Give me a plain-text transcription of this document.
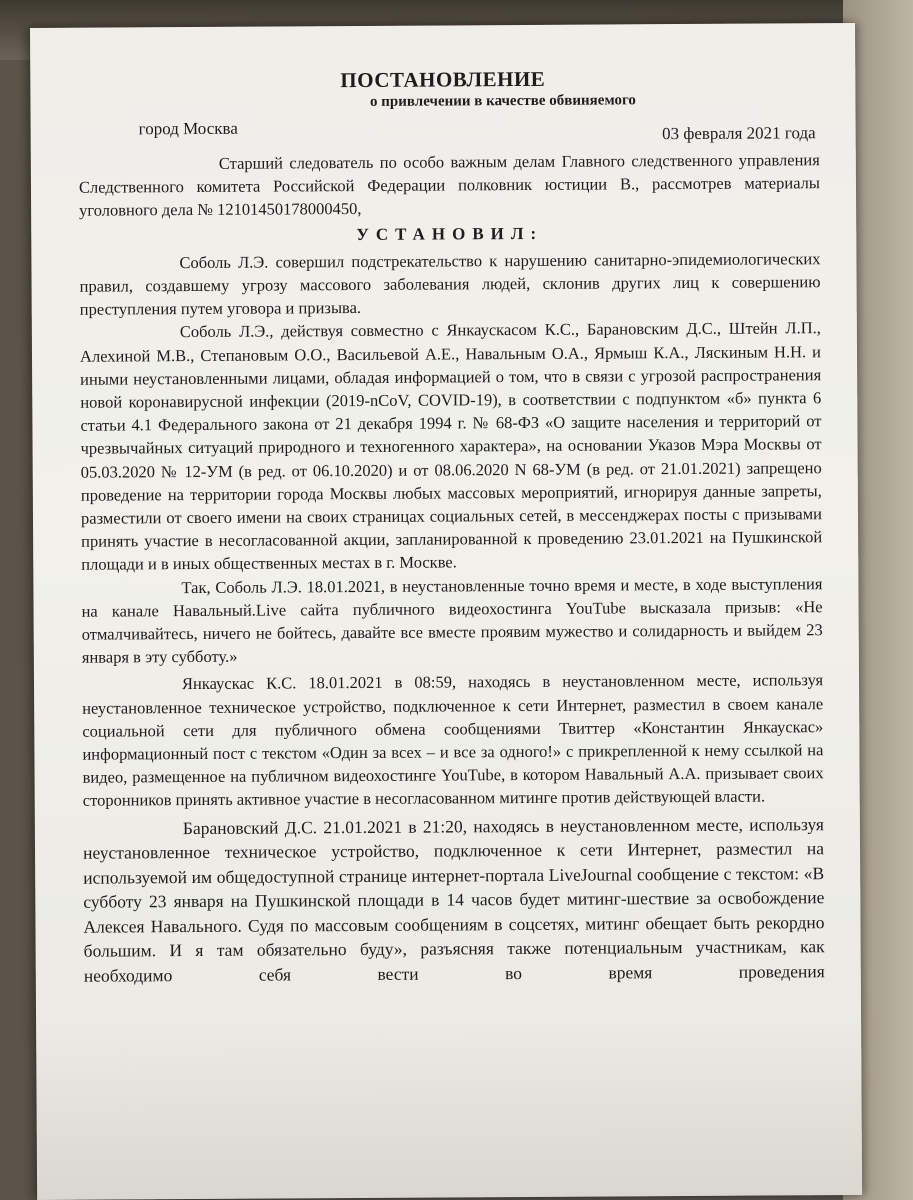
ПОСТАНОВЛЕНИЕ
о привлечении в качестве обвиняемого
город Москва	03 февраля 2021 года

Старший следователь по особо важным делам Главного следственного управления Следственного комитета Российской Федерации полковник юстиции В., рассмотрев материалы уголовного дела № 12101450178000450,

УСТАНОВИЛ:

Соболь Л.Э. совершил подстрекательство к нарушению санитарно-эпидемиологических правил, создавшему угрозу массового заболевания людей, склонив других лиц к совершению преступления путем уговора и призыва.

Соболь Л.Э., действуя совместно с Янкаускасом К.С., Барановским Д.С., Штейн Л.П., Алехиной М.В., Степановым О.О., Васильевой А.Е., Навальным О.А., Ярмыш К.А., Ляскиным Н.Н. и иными неустановленными лицами, обладая информацией о том, что в связи с угрозой распространения новой коронавирусной инфекции (2019-nCoV, COVID-19), в соответствии с подпунктом «б» пункта 6 статьи 4.1 Федерального закона от 21 декабря 1994 г. № 68-ФЗ «О защите населения и территорий от чрезвычайных ситуаций природного и техногенного характера», на основании Указов Мэра Москвы от 05.03.2020 № 12-УМ (в ред. от 06.10.2020) и от 08.06.2020 N 68-УМ (в ред. от 21.01.2021) запрещено проведение на территории города Москвы любых массовых мероприятий, игнорируя данные запреты, разместили от своего имени на своих страницах социальных сетей, в мессенджерах посты с призывами принять участие в несогласованной акции, запланированной к проведению 23.01.2021 на Пушкинской площади и в иных общественных местах в г. Москве.

Так, Соболь Л.Э. 18.01.2021, в неустановленные точно время и месте, в ходе выступления на канале Навальный.Live сайта публичного видеохостинга YouTube высказала призыв: «Не отмалчивайтесь, ничего не бойтесь, давайте все вместе проявим мужество и солидарность и выйдем 23 января в эту субботу.»

Янкаускас К.С. 18.01.2021 в 08:59, находясь в неустановленном месте, используя неустановленное техническое устройство, подключенное к сети Интернет, разместил в своем канале социальной сети для публичного обмена сообщениями Твиттер «Константин Янкаускас» информационный пост с текстом «Один за всех – и все за одного!» с прикрепленной к нему ссылкой на видео, размещенное на публичном видеохостинге YouTube, в котором Навальный А.А. призывает своих сторонников принять активное участие в несогласованном митинге против действующей власти.

Барановский Д.С. 21.01.2021 в 21:20, находясь в неустановленном месте, используя неустановленное техническое устройство, подключенное к сети Интернет, разместил на используемой им общедоступной странице интернет-портала LiveJournal сообщение с текстом: «В субботу 23 января на Пушкинской площади в 14 часов будет митинг-шествие за освобождение Алексея Навального. Судя по массовым сообщениям в соцсетях, митинг обещает быть рекордно большим. И я там обязательно буду», разъясняя также потенциальным участникам, как необходимо себя вести во время проведения
